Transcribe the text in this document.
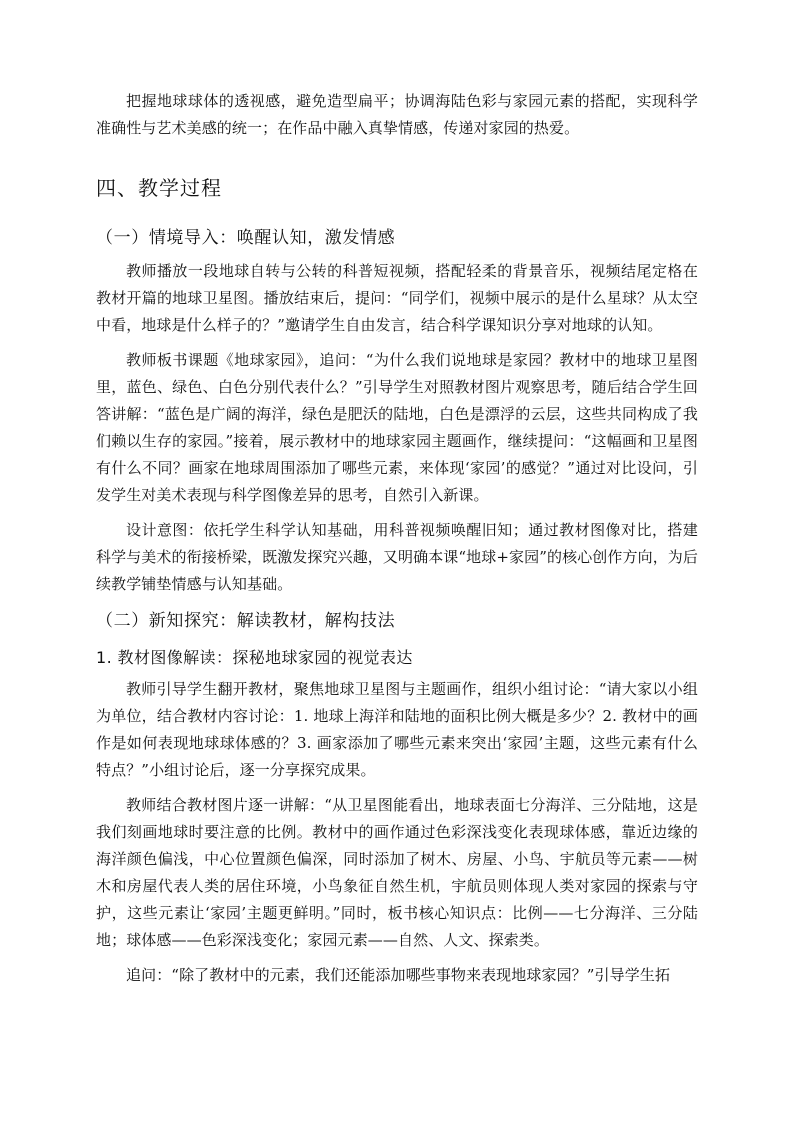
把握地球球体的透视感，避免造型扁平；协调海陆色彩与家园元素的搭配，实现科学准确性与艺术美感的统一；在作品中融入真挚情感，传递对家园的热爱。

四、教学过程
（一）情境导入：唤醒认知，激发情感

教师播放一段地球自转与公转的科普短视频，搭配轻柔的背景音乐，视频结尾定格在教材开篇的地球卫星图。播放结束后，提问：“同学们，视频中展示的是什么星球？从太空中看，地球是什么样子的？”邀请学生自由发言，结合科学课知识分享对地球的认知。

教师板书课题《地球家园》，追问：“为什么我们说地球是家园？教材中的地球卫星图里，蓝色、绿色、白色分别代表什么？”引导学生对照教材图片观察思考，随后结合学生回答讲解：“蓝色是广阔的海洋，绿色是肥沃的陆地，白色是漂浮的云层，这些共同构成了我们赖以生存的家园。”接着，展示教材中的地球家园主题画作，继续提问：“这幅画和卫星图有什么不同？画家在地球周围添加了哪些元素，来体现‘家园’的感觉？”通过对比设问，引发学生对美术表现与科学图像差异的思考，自然引入新课。

设计意图：依托学生科学认知基础，用科普视频唤醒旧知；通过教材图像对比，搭建科学与美术的衔接桥梁，既激发探究兴趣，又明确本课“地球+家园”的核心创作方向，为后续教学铺垫情感与认知基础。

（二）新知探究：解读教材，解构技法
1. 教材图像解读：探秘地球家园的视觉表达

教师引导学生翻开教材，聚焦地球卫星图与主题画作，组织小组讨论：“请大家以小组为单位，结合教材内容讨论：1. 地球上海洋和陆地的面积比例大概是多少？2. 教材中的画作是如何表现地球球体感的？3. 画家添加了哪些元素来突出‘家园’主题，这些元素有什么特点？”小组讨论后，逐一分享探究成果。

教师结合教材图片逐一讲解：“从卫星图能看出，地球表面七分海洋、三分陆地，这是我们刻画地球时要注意的比例。教材中的画作通过色彩深浅变化表现球体感，靠近边缘的海洋颜色偏浅，中心位置颜色偏深，同时添加了树木、房屋、小鸟、宇航员等元素——树木和房屋代表人类的居住环境，小鸟象征自然生机，宇航员则体现人类对家园的探索与守护，这些元素让‘家园’主题更鲜明。”同时，板书核心知识点：比例——七分海洋、三分陆地；球体感——色彩深浅变化；家园元素——自然、人文、探索类。

追问：“除了教材中的元素，我们还能添加哪些事物来表现地球家园？”引导学生拓
